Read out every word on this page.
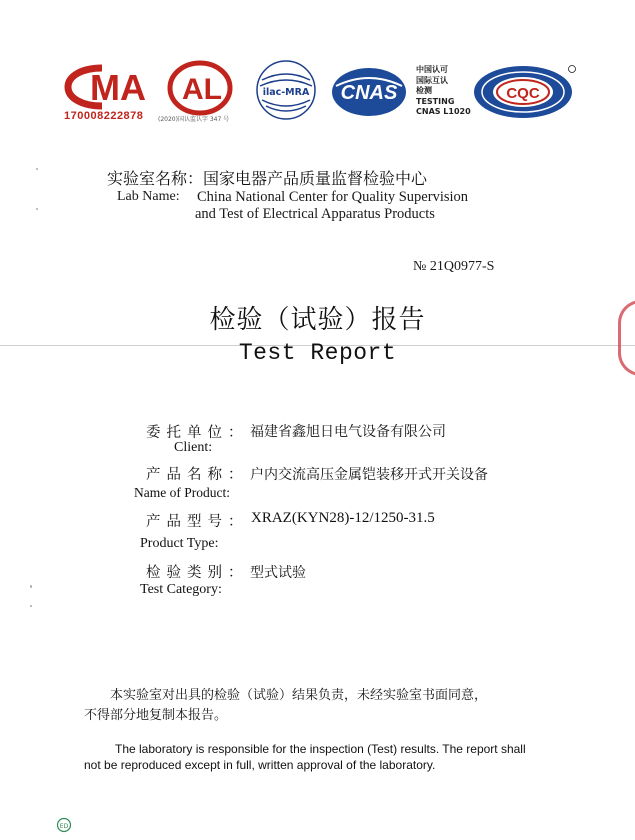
MA
170008222878 (2020)国认监认字 347 号
AL	ilac-MRA CNAS
中国认可
国际互认
检测
TESTING
CNAS L1020
CQC
实验室名称：国家电器产品质量监督检验中心
Lab Name: China National Center for Quality Supervision
and Test of Electrical Apparatus Products
№ 21Q0977-S
检验（试验）报告
Test Report
委托单位： 福建省鑫旭日电气设备有限公司
Client:
产品名称： 户内交流高压金属铠装移开式开关设备
Name of Product:
产品型号： XRAZ(KYN28)-12/1250-31.5
Product Type:
检验类别： 型式试验
Test Category:
本实验室对出具的检验（试验）结果负责，未经实验室书面同意，
不得部分地复制本报告。
The laboratory is responsible for the inspection (Test) results. The report shall
not be reproduced except in full, written approval of the laboratory.
ED
